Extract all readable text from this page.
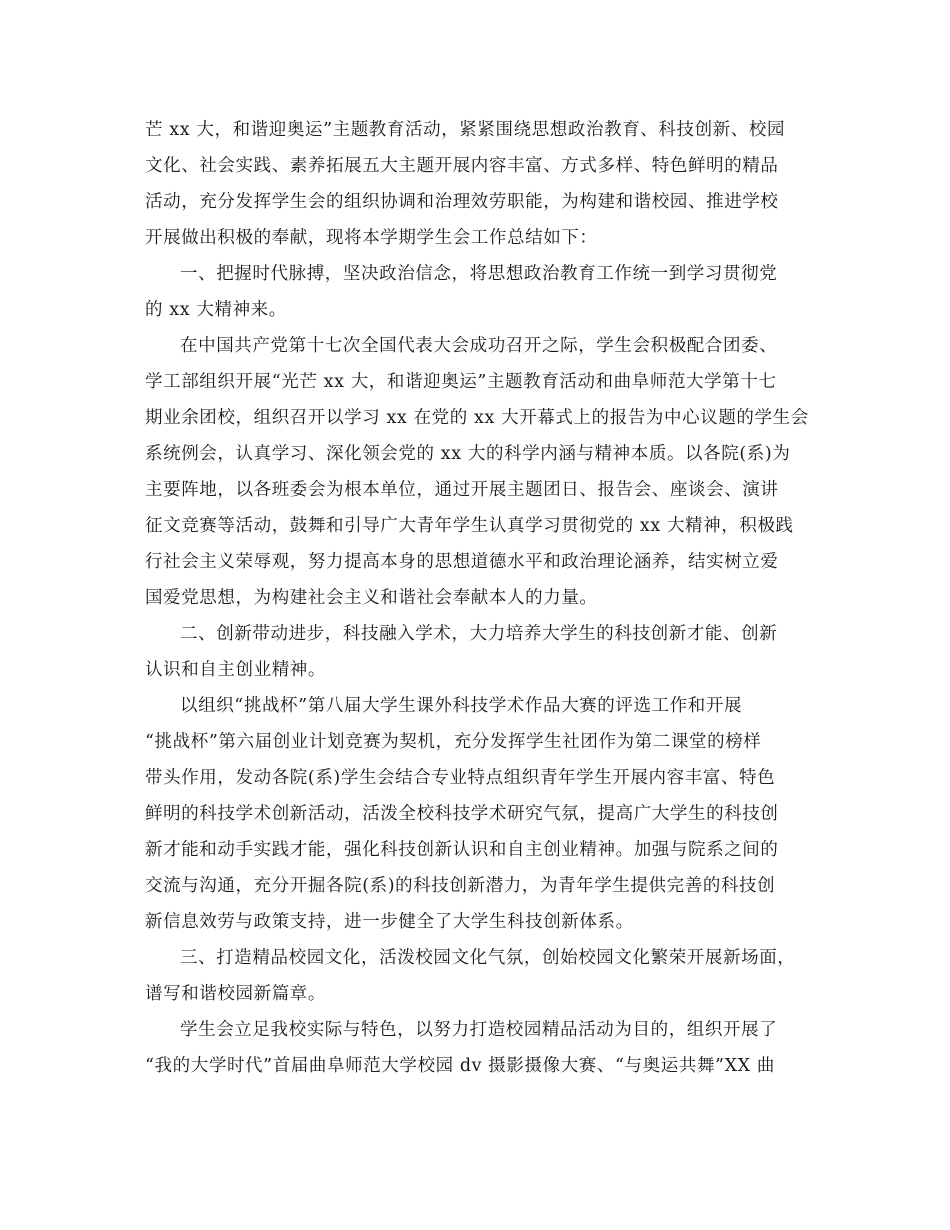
芒 xx 大，和谐迎奥运”主题教育活动，紧紧围绕思想政治教育、科技创新、校园
文化、社会实践、素养拓展五大主题开展内容丰富、方式多样、特色鲜明的精品
活动，充分发挥学生会的组织协调和治理效劳职能，为构建和谐校园、推进学校
开展做出积极的奉献，现将本学期学生会工作总结如下：
一、把握时代脉搏，坚决政治信念，将思想政治教育工作统一到学习贯彻党
的 xx 大精神来。
在中国共产党第十七次全国代表大会成功召开之际，学生会积极配合团委、
学工部组织开展“光芒 xx 大，和谐迎奥运”主题教育活动和曲阜师范大学第十七
期业余团校，组织召开以学习 xx 在党的 xx 大开幕式上的报告为中心议题的学生会
系统例会，认真学习、深化领会党的 xx 大的科学内涵与精神本质。以各院(系)为
主要阵地，以各班委会为根本单位，通过开展主题团日、报告会、座谈会、演讲
征文竞赛等活动，鼓舞和引导广大青年学生认真学习贯彻党的 xx 大精神，积极践
行社会主义荣辱观，努力提高本身的思想道德水平和政治理论涵养，结实树立爱
国爱党思想，为构建社会主义和谐社会奉献本人的力量。
二、创新带动进步，科技融入学术，大力培养大学生的科技创新才能、创新
认识和自主创业精神。
以组织“挑战杯”第八届大学生课外科技学术作品大赛的评选工作和开展
“挑战杯”第六届创业计划竞赛为契机，充分发挥学生社团作为第二课堂的榜样
带头作用，发动各院(系)学生会结合专业特点组织青年学生开展内容丰富、特色
鲜明的科技学术创新活动，活泼全校科技学术研究气氛，提高广大学生的科技创
新才能和动手实践才能，强化科技创新认识和自主创业精神。加强与院系之间的
交流与沟通，充分开掘各院(系)的科技创新潜力，为青年学生提供完善的科技创
新信息效劳与政策支持，进一步健全了大学生科技创新体系。
三、打造精品校园文化，活泼校园文化气氛，创始校园文化繁荣开展新场面，
谱写和谐校园新篇章。
学生会立足我校实际与特色，以努力打造校园精品活动为目的，组织开展了
“我的大学时代”首届曲阜师范大学校园 dv 摄影摄像大赛、“与奥运共舞”XX 曲
